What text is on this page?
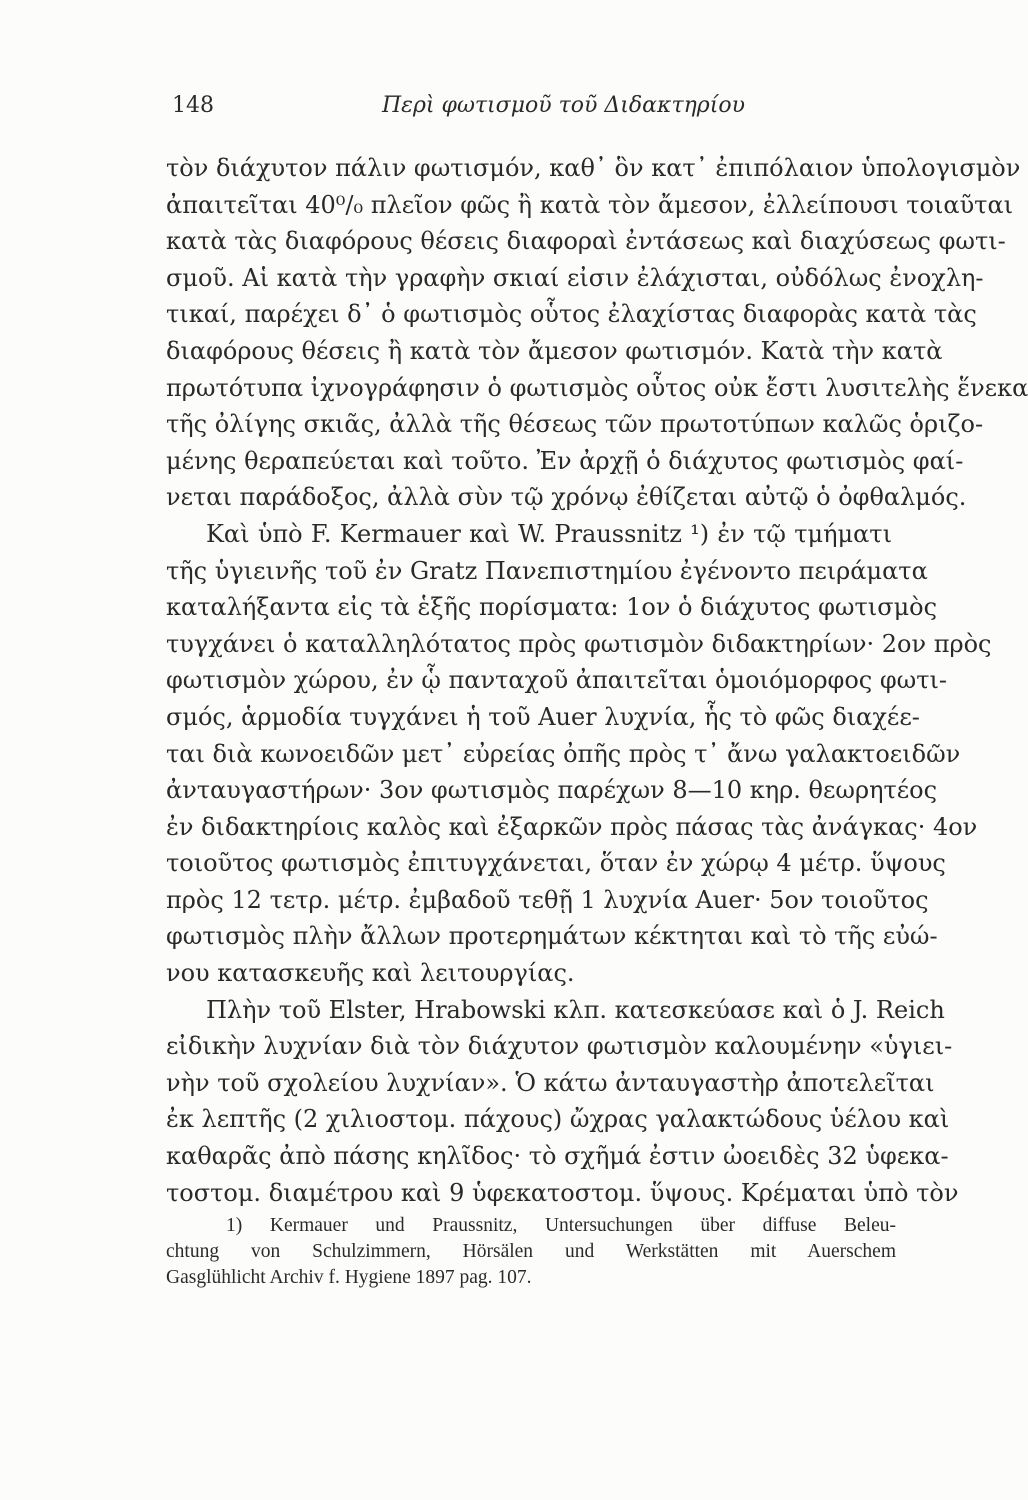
148	Περὶ φωτισμοῦ τοῦ Διδακτηρίου
τὸν διάχυτον πάλιν φωτισμόν, καθ᾽ ὃν κατ᾽ ἐπιπόλαιον ὑπολογισμὸν
ἀπαιτεῖται 40⁰/₀ πλεῖον φῶς ἢ κατὰ τὸν ἄμεσον, ἐλλείπουσι τοιαῦται
κατὰ τὰς διαφόρους θέσεις διαφοραὶ ἐντάσεως καὶ διαχύσεως φωτι-
σμοῦ. Αἱ κατὰ τὴν γραφὴν σκιαί εἰσιν ἐλάχισται, οὐδόλως ἐνοχλη-
τικαί, παρέχει δ᾽ ὁ φωτισμὸς οὗτος ἐλαχίστας διαφορὰς κατὰ τὰς
διαφόρους θέσεις ἢ κατὰ τὸν ἄμεσον φωτισμόν. Κατὰ τὴν κατὰ
πρωτότυπα ἰχνογράφησιν ὁ φωτισμὸς οὗτος οὐκ ἔστι λυσιτελὴς ἕνεκα
τῆς ὀλίγης σκιᾶς, ἀλλὰ τῆς θέσεως τῶν πρωτοτύπων καλῶς ὁριζο-
μένης θεραπεύεται καὶ τοῦτο. Ἐν ἀρχῇ ὁ διάχυτος φωτισμὸς φαί-
νεται παράδοξος, ἀλλὰ σὺν τῷ χρόνῳ ἐθίζεται αὐτῷ ὁ ὀφθαλμός.
Καὶ ὑπὸ F. Kermauer καὶ W. Praussnitz ¹) ἐν τῷ τμήματι
τῆς ὑγιεινῆς τοῦ ἐν Gratz Πανεπιστημίου ἐγένοντο πειράματα
καταλήξαντα εἰς τὰ ἑξῆς πορίσματα: 1ον ὁ διάχυτος φωτισμὸς
τυγχάνει ὁ καταλληλότατος πρὸς φωτισμὸν διδακτηρίων· 2ον πρὸς
φωτισμὸν χώρου, ἐν ᾧ πανταχοῦ ἀπαιτεῖται ὁμοιόμορφος φωτι-
σμός, ἁρμοδία τυγχάνει ἡ τοῦ Auer λυχνία, ἧς τὸ φῶς διαχέε-
ται διὰ κωνοειδῶν μετ᾽ εὐρείας ὀπῆς πρὸς τ᾽ ἄνω γαλακτοειδῶν
ἀνταυγαστήρων· 3ον φωτισμὸς παρέχων 8—10 κηρ. θεωρητέος
ἐν διδακτηρίοις καλὸς καὶ ἐξαρκῶν πρὸς πάσας τὰς ἀνάγκας· 4ον
τοιοῦτος φωτισμὸς ἐπιτυγχάνεται, ὅταν ἐν χώρῳ 4 μέτρ. ὕψους
πρὸς 12 τετρ. μέτρ. ἐμβαδοῦ τεθῇ 1 λυχνία Auer· 5ον τοιοῦτος
φωτισμὸς πλὴν ἄλλων προτερημάτων κέκτηται καὶ τὸ τῆς εὐώ-
νου κατασκευῆς καὶ λειτουργίας.
Πλὴν τοῦ Elster, Hrabowski κλπ. κατεσκεύασε καὶ ὁ J. Reich
εἰδικὴν λυχνίαν διὰ τὸν διάχυτον φωτισμὸν καλουμένην «ὑγιει-
νὴν τοῦ σχολείου λυχνίαν». Ὁ κάτω ἀνταυγαστὴρ ἀποτελεῖται
ἐκ λεπτῆς (2 χιλιοστομ. πάχους) ὤχρας γαλακτώδους ὑέλου καὶ
καθαρᾶς ἀπὸ πάσης κηλῖδος· τὸ σχῆμά ἐστιν ὠοειδὲς 32 ὑφεκα-
τοστομ. διαμέτρου καὶ 9 ὑφεκατοστομ. ὕψους. Κρέμαται ὑπὸ τὸν
1) Kermauer und Praussnitz, Untersuchungen über diffuse Beleu-
chtung von Schulzimmern, Hörsälen und Werkstätten mit Auerschem
Gasglühlicht Archiv f. Hygiene 1897 pag. 107.
